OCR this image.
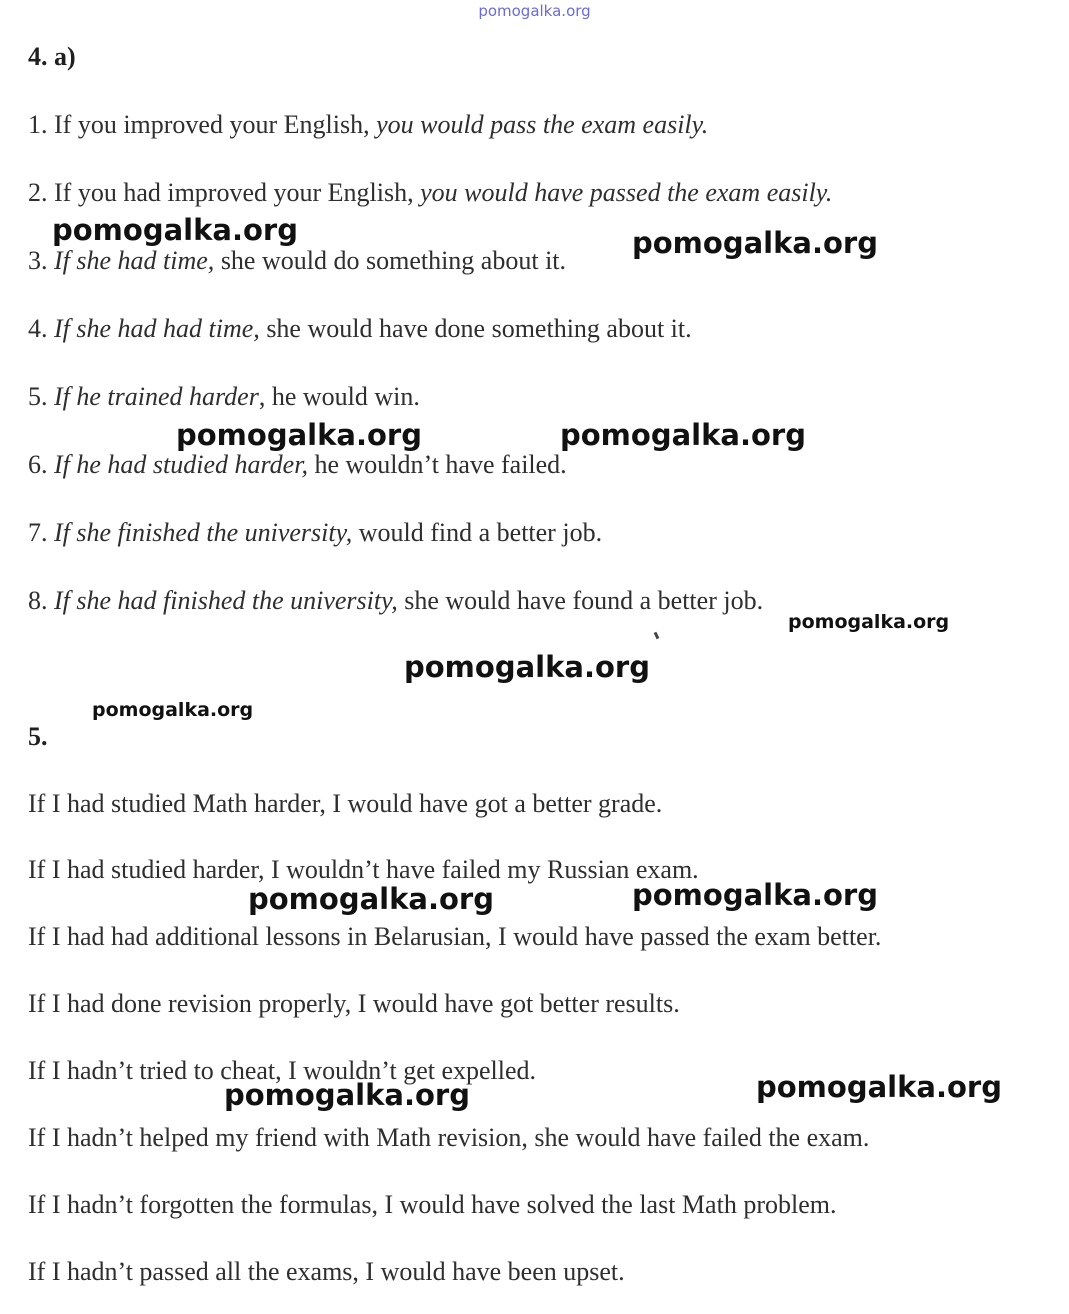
pomogalka.org
4. a)
1. If you improved your English, you would pass the exam easily.
2. If you had improved your English, you would have passed the exam easily.
3. If she had time, she would do something about it.
4. If she had had time, she would have done something about it.
5. If he trained harder, he would win.
6. If he had studied harder, he wouldn’t have failed.
7. If she finished the university, would find a better job.
8. If she had finished the university, she would have found a better job.
5.
If I had studied Math harder, I would have got a better grade.
If I had studied harder, I wouldn’t have failed my Russian exam.
If I had had additional lessons in Belarusian, I would have passed the exam better.
If I had done revision properly, I would have got better results.
If I hadn’t tried to cheat, I wouldn’t get expelled.
If I hadn’t helped my friend with Math revision, she would have failed the exam.
If I hadn’t forgotten the formulas, I would have solved the last Math problem.
If I hadn’t passed all the exams, I would have been upset.
pomogalka.org	pomogalka.org
pomogalka.org	pomogalka.org
pomogalka.org
pomogalka.org
pomogalka.org
pomogalka.org	pomogalka.org
pomogalka.org	pomogalka.org
